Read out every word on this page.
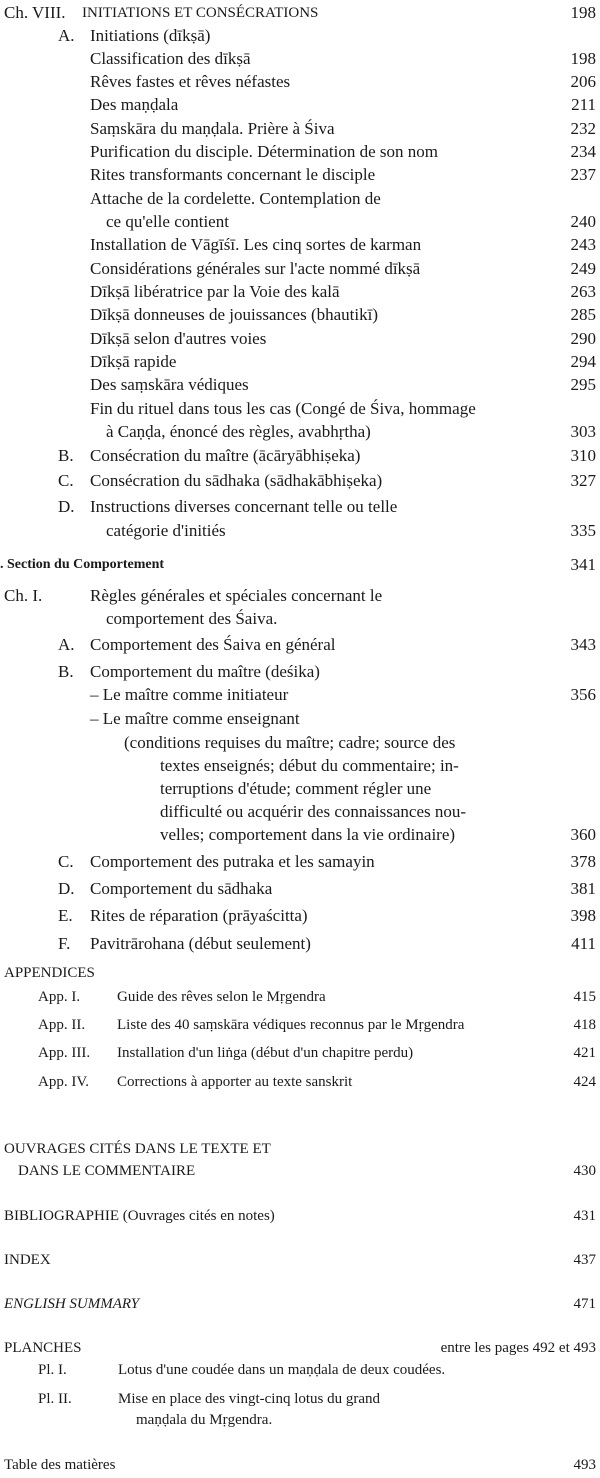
Ch. VIII. INITIATIONS ET CONSÉCRATIONS	198
A. Initiations (dīkṣā)
Classification des dīkṣā	198
Rêves fastes et rêves néfastes	206
Des maṇḍala	211
Saṃskāra du maṇḍala. Prière à Śiva	232
Purification du disciple. Détermination de son nom	234
Rites transformants concernant le disciple	237
Attache de la cordelette. Contemplation de
ce qu'elle contient	240
Installation de Vāgīśī. Les cinq sortes de karman	243
Considérations générales sur l'acte nommé dīkṣā	249
Dīkṣā libératrice par la Voie des kalā	263
Dīkṣā donneuses de jouissances (bhautikī)	285
Dīkṣā selon d'autres voies	290
Dīkṣā rapide	294
Des saṃskāra védiques	295
Fin du rituel dans tous les cas (Congé de Śiva, hommage
à Caṇḍa, énoncé des règles, avabhṛtha)	303
B. Consécration du maître (ācāryābhiṣeka)	310
C. Consécration du sādhaka (sādhakābhiṣeka)	327
D. Instructions diverses concernant telle ou telle
catégorie d'initiés	335
. Section du Comportement	341
Ch. I.	Règles générales et spéciales concernant le
comportement des Śaiva.
A. Comportement des Śaiva en général	343
B. Comportement du maître (deśika)
– Le maître comme initiateur	356
– Le maître comme enseignant
(conditions requises du maître; cadre; source des
textes enseignés; début du commentaire; in-
terruptions d'étude; comment régler une
difficulté ou acquérir des connaissances nou-
velles; comportement dans la vie ordinaire)	360
C. Comportement des putraka et les samayin	378
D. Comportement du sādhaka	381
E. Rites de réparation (prāyaścitta)	398
F. Pavitrārohana (début seulement)	411
APPENDICES
App. I. Guide des rêves selon le Mṛgendra	415
App. II. Liste des 40 saṃskāra védiques reconnus par le Mṛgendra	418
App. III. Installation d'un liṅga (début d'un chapitre perdu)	421
App. IV. Corrections à apporter au texte sanskrit	424
OUVRAGES CITÉS DANS LE TEXTE ET
DANS LE COMMENTAIRE	430
BIBLIOGRAPHIE (Ouvrages cités en notes)	431
INDEX	437
ENGLISH SUMMARY	471
PLANCHES	entre les pages 492 et 493
Pl. I.	Lotus d'une coudée dans un maṇḍala de deux coudées.
Pl. II.	Mise en place des vingt-cinq lotus du grand
maṇḍala du Mṛgendra.
Table des matières	493
